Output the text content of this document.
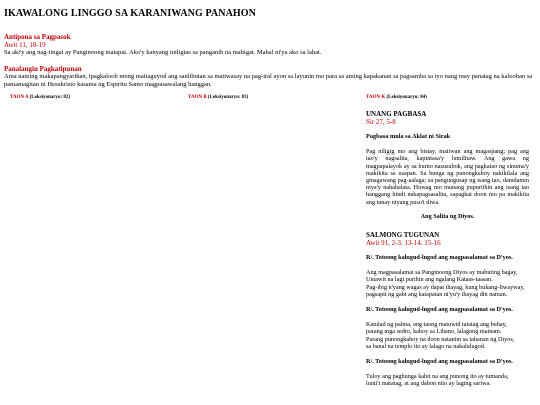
IKAWALONG LINGGO SA KARANIWANG PANAHON
Antipona sa Pagpasok
Awit 11, 18-19
Sa aki'y ang nag-iingat ay Panginoong matapat. Ako'y kanyang iniligtas sa panganib na mabigat. Mahal ni'ya ako sa lahat.
Panalangin Pagkatipunan
Ama naming makapangyarihan, ipagkaloob mong maitaguyod ang sanlibutan sa matiwasay na pag-iral ayon sa layunin mo para sa aming kapakanan sa pagsamba sa iyo nang may panatag na kalooban sa pamamagitan ni Hesukristo kasama ng Espiritu Santo magpasawalang hanggan.
TAON A (Leksiyonaryo: 82)	TAON B (Leksiyonaryo: 83)	TAON K (Leksiyonaryo: 84)

UNANG PAGBASA

Sir 27, 5-8

Pagbasa mula sa Aklat ni Sirak

Pag niligig mo ang bistay, maiiwan ang magaspang; pag ang tao'y nagsalita, kapintasa'y lumilitaw. Ang gawa ng magpapalayok ay sa hurno nasusubok, ang pagkatao ng sinuma'y makikita sa usapan. Sa bunga ng punongkahoy nakikilala ang ginagawang pag-aalaga; sa pangungusap ng isang tao, damdamin niya'y nahahalata. Huwag mo munang pupuriihin ang isang tao hanggang hindi nakapagsasalita, sapagkat doon mo pa makikita ang tunay niyang puso't diwa.

Ang Salita ng Diyos.

SALMONG TUGUNAN

Awit 91, 2-3. 13-14. 15-16

R/. Totoong kalugud-lugod ang magpasalamat sa D'yos.

Ang magpasalamat sa Panginoong Diyos ay mabuting bagay,
Umawit na lagi purihin ang ngalang Kataas-taasan.
Pag-ibig n'yang wagas ay dapat ihayag, kung bukang-liwayway,
pagsapit ng gabi ang katapatan ni'yu'y ihayag din naman.

R/. Totoong kalugud-lugod ang magpasalamat sa D'yos.

Katulad ng palma, ang taong matuwid tatatag ang buhay,
parang mga sedro, kahoy sa Libano, lalagong mainam.
Parang punongkahoy na doon natanim sa tahanan ng Diyos,
sa banal na templo ito ay lalago na nakalulugod.

R/. Totoong kalugud-lugod ang magpasalamat sa D'yos.

Tuloy ang pagbunga kahit na ang punong ito ay tumanda,
lunti't matatag, at ang dahon nito ay laging sariwa.
